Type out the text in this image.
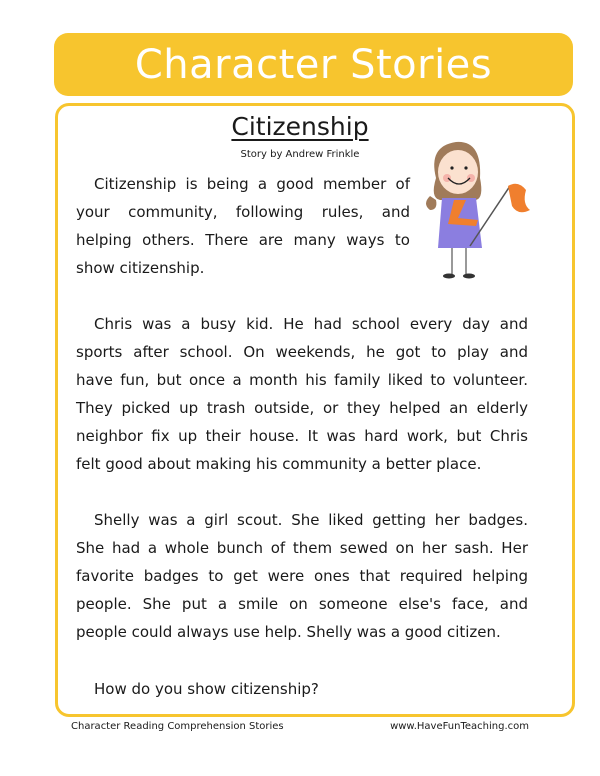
Character Stories
Citizenship
Story by Andrew Frinkle
Citizenship is being a good member of
your community, following rules, and
helping others. There are many ways to
show citizenship.
Chris was a busy kid. He had school every day and
sports after school. On weekends, he got to play and
have fun, but once a month his family liked to volunteer.
They picked up trash outside, or they helped an elderly
neighbor fix up their house. It was hard work, but Chris
felt good about making his community a better place.
Shelly was a girl scout. She liked getting her badges.
She had a whole bunch of them sewed on her sash. Her
favorite badges to get were ones that required helping
people. She put a smile on someone else's face, and
people could always use help. Shelly was a good citizen.
How do you show citizenship?
Character Reading Comprehension Stories	www.HaveFunTeaching.com
